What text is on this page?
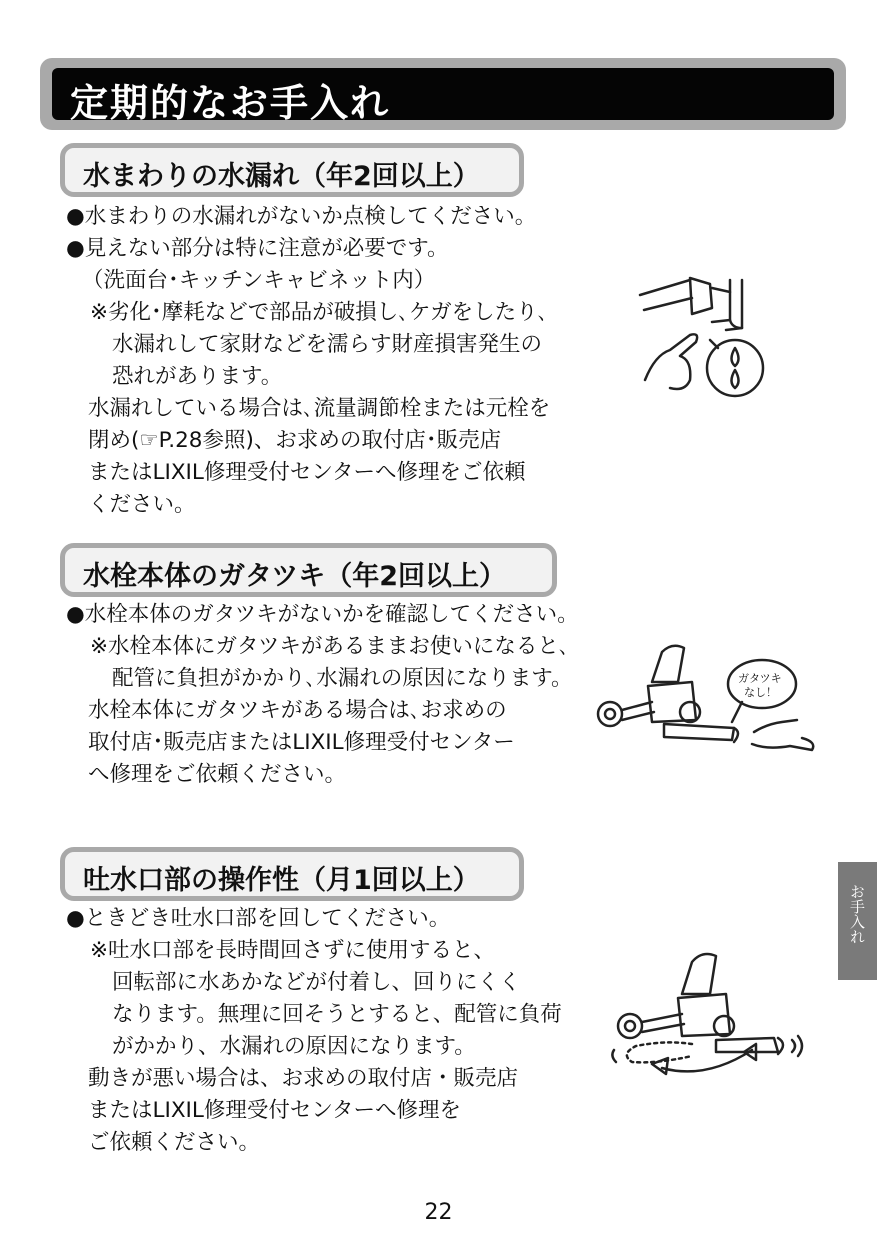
定期的なお手入れ
水まわりの水漏れ（年2回以上）
●水まわりの水漏れがないか点検してください。
●見えない部分は特に注意が必要です。
（洗面台･キッチンキャビネット内）
※劣化･摩耗などで部品が破損し､ケガをしたり､
水漏れして家財などを濡らす財産損害発生の
恐れがあります。
水漏れしている場合は､流量調節栓または元栓を
閉め(☞P.28参照)、お求めの取付店･販売店
またはLIXIL修理受付センターへ修理をご依頼
ください。
水栓本体のガタツキ（年2回以上）
●水栓本体のガタツキがないかを確認してください。
※水栓本体にガタツキがあるままお使いになると､
配管に負担がかかり､水漏れの原因になります。
水栓本体にガタツキがある場合は､お求めの
取付店･販売店またはLIXIL修理受付センター
へ修理をご依頼ください。
ガタツキ
なし！
吐水口部の操作性（月1回以上）
●ときどき吐水口部を回してください。
※吐水口部を長時間回さずに使用すると、
回転部に水あかなどが付着し、回りにくく
なります。無理に回そうとすると、配管に負荷
がかかり、水漏れの原因になります。
動きが悪い場合は、お求めの取付店・販売店
またはLIXIL修理受付センターへ修理を
ご依頼ください。
お手入れ
22
